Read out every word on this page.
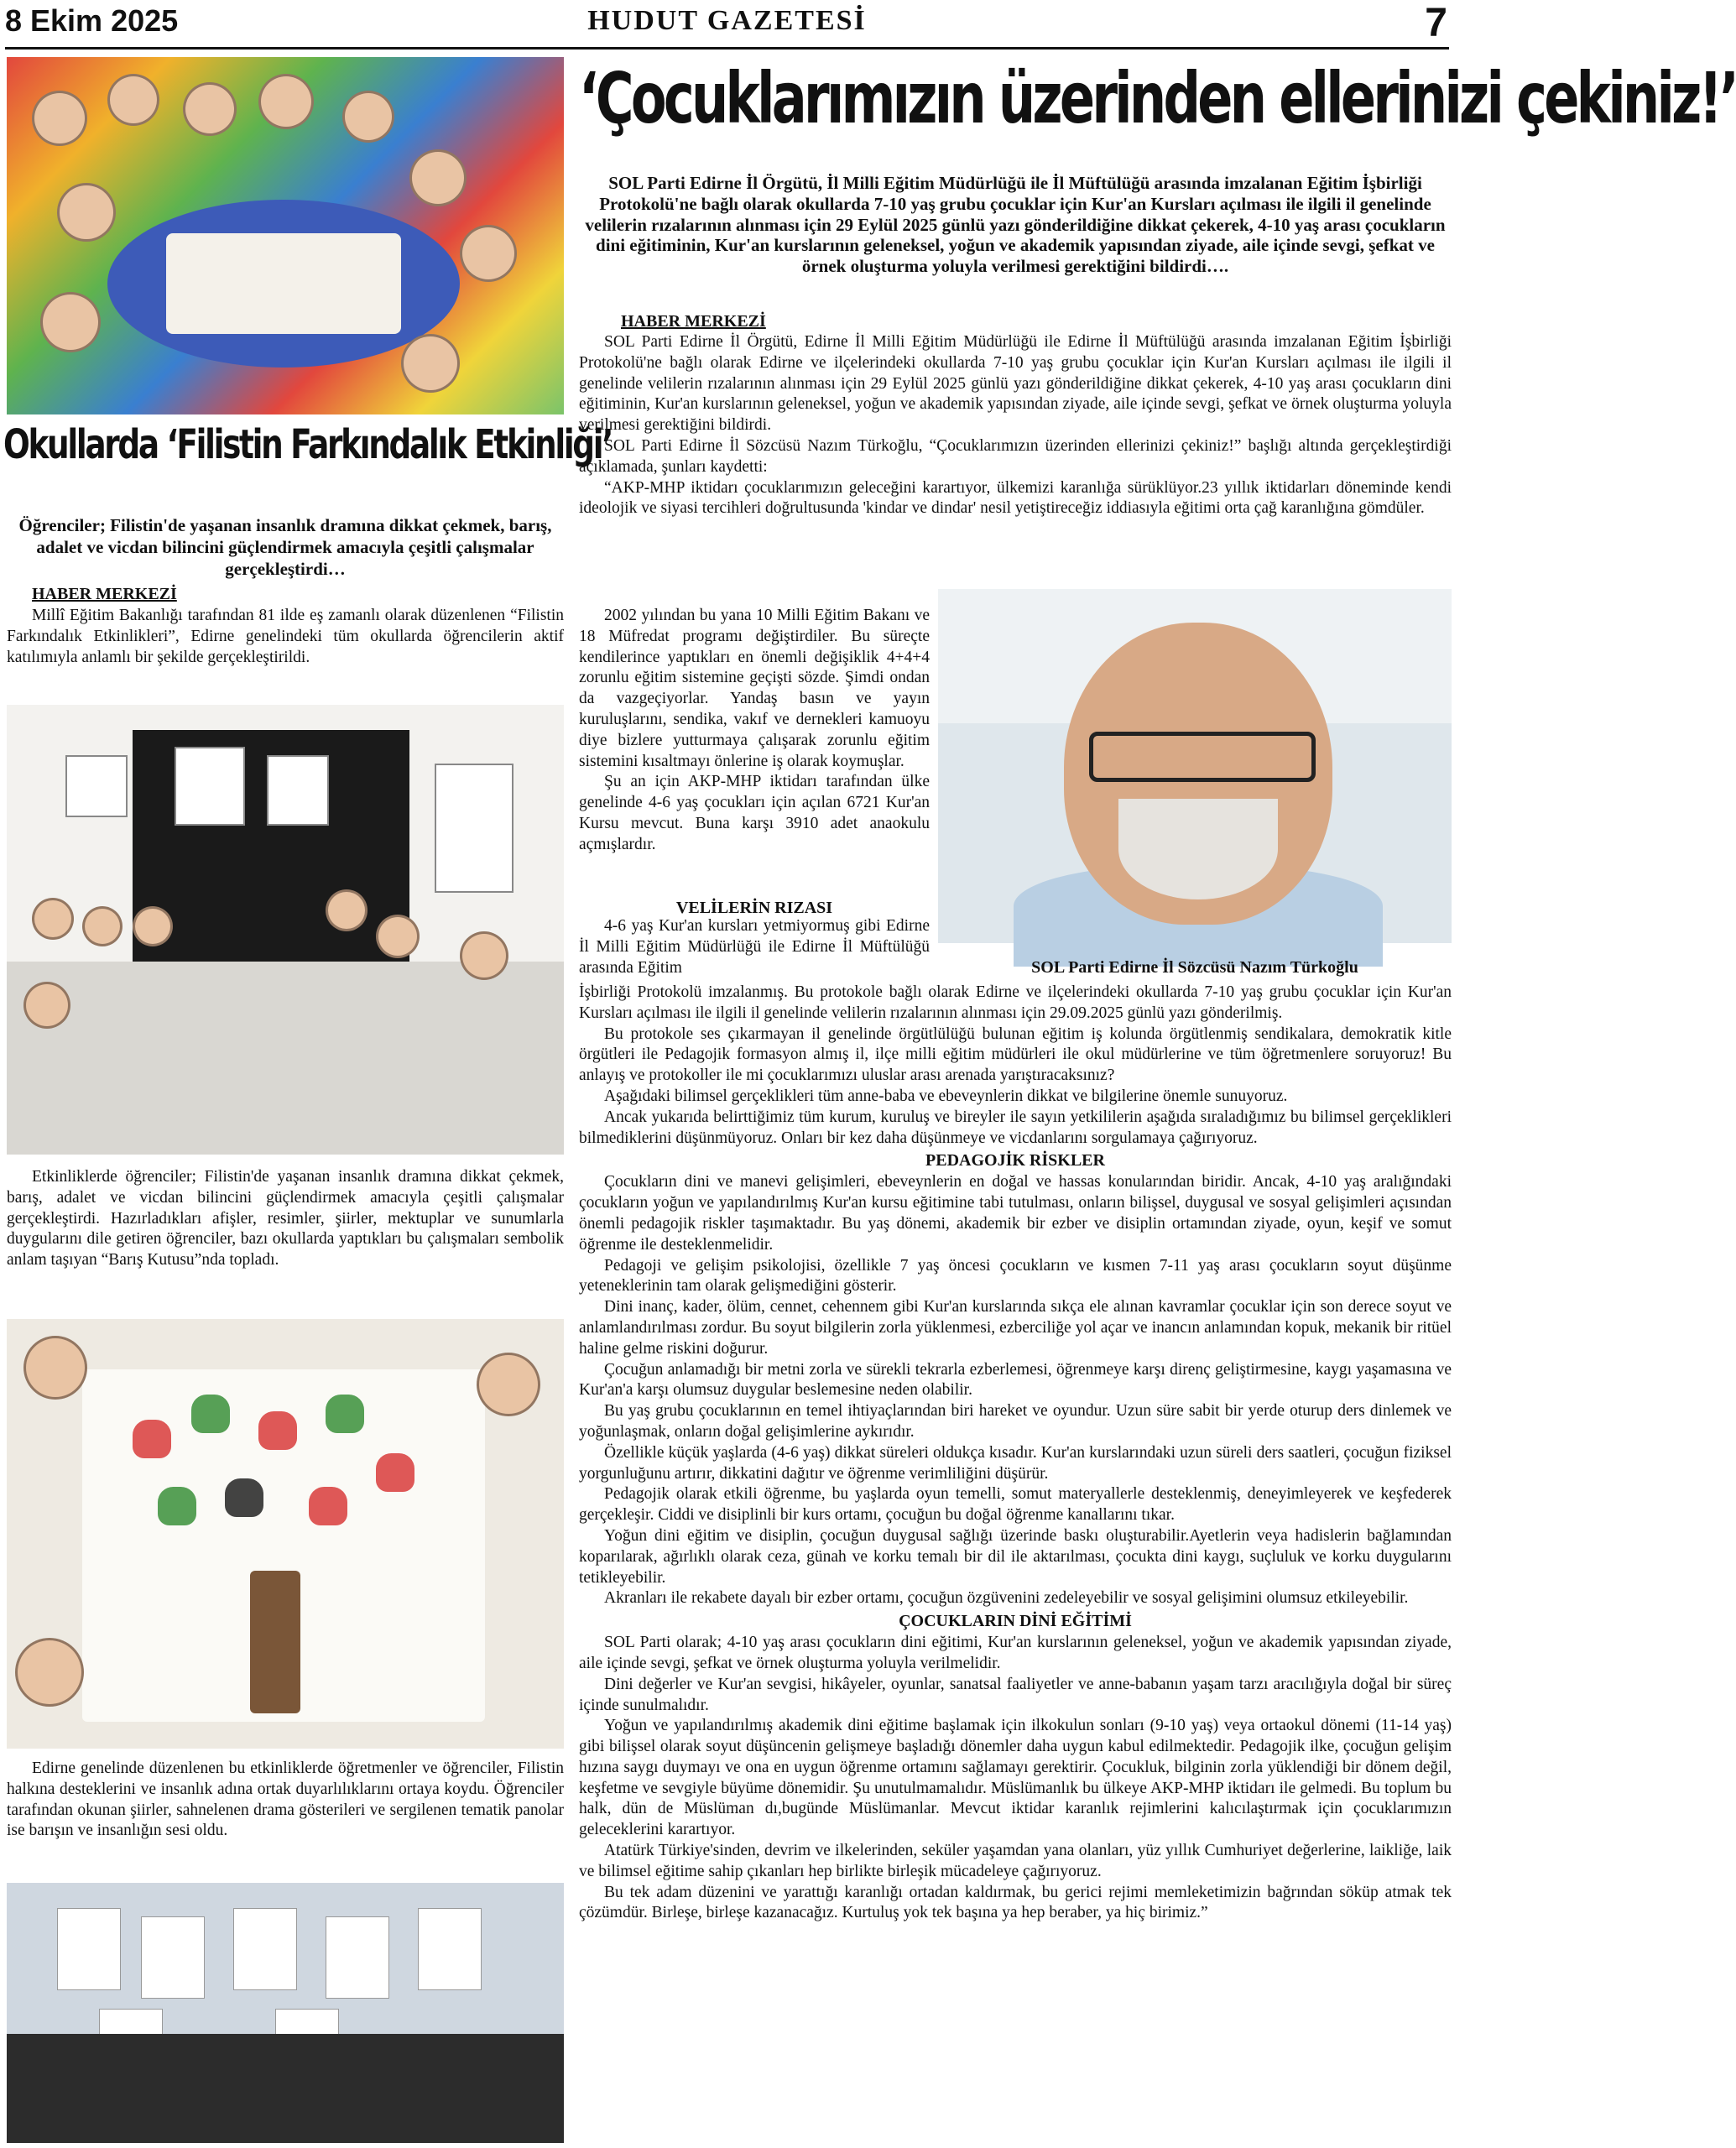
8 Ekim 2025	HUDUT GAZETESİ	7
Okullarda ‘Filistin Farkındalık Etkinliği’
Öğrenciler; Filistin'de yaşanan insanlık dramına dikkat çekmek, barış, adalet ve vicdan bilincini güçlendirmek amacıyla çeşitli çalışmalar gerçekleştirdi…
HABER MERKEZİ

Millî Eğitim Bakanlığı tarafından 81 ilde eş zamanlı olarak düzenlenen “Filistin Farkındalık Etkinlikleri”, Edirne genelindeki tüm okullarda öğrencilerin aktif katılımıyla anlamlı bir şekilde gerçekleştirildi.

Etkinliklerde öğrenciler; Filistin'de yaşanan insanlık dramına dikkat çekmek, barış, adalet ve vicdan bilincini güçlendirmek amacıyla çeşitli çalışmalar gerçekleştirdi. Hazırladıkları afişler, resimler, şiirler, mektuplar ve sunumlarla duygularını dile getiren öğrenciler, bazı okullarda yaptıkları bu çalışmaları sembolik anlam taşıyan “Barış Kutusu”nda topladı.

Edirne genelinde düzenlenen bu etkinliklerde öğretmenler ve öğrenciler, Filistin halkına desteklerini ve insanlık adına ortak duyarlılıklarını ortaya koydu. Öğrenciler tarafından okunan şiirler, sahnelenen drama gösterileri ve sergilenen tematik panolar ise barışın ve insanlığın sesi oldu.

‘Çocuklarımızın üzerinden ellerinizi çekiniz!’
SOL Parti Edirne İl Örgütü, İl Milli Eğitim Müdürlüğü ile İl Müftülüğü arasında imzalanan Eğitim İşbirliği Protokolü'ne bağlı olarak okullarda 7-10 yaş grubu çocuklar için Kur'an Kursları açılması ile ilgili il genelinde velilerin rızalarının alınması için 29 Eylül 2025 günlü yazı gönderildiğine dikkat çekerek, 4-10 yaş arası çocukların dini eğitiminin, Kur'an kurslarının geleneksel, yoğun ve akademik yapısından ziyade, aile içinde sevgi, şefkat ve örnek oluşturma yoluyla verilmesi gerektiğini bildirdi….
HABER MERKEZİ

SOL Parti Edirne İl Örgütü, Edirne İl Milli Eğitim Müdürlüğü ile Edirne İl Müftülüğü arasında imzalanan Eğitim İşbirliği Protokolü'ne bağlı olarak Edirne ve ilçelerindeki okullarda 7-10 yaş grubu çocuklar için Kur'an Kursları açılması ile ilgili il genelinde velilerin rızalarının alınması için 29 Eylül 2025 günlü yazı gönderildiğine dikkat çekerek, 4-10 yaş arası çocukların dini eğitiminin, Kur'an kurslarının geleneksel, yoğun ve akademik yapısından ziyade, aile içinde sevgi, şefkat ve örnek oluşturma yoluyla verilmesi gerektiğini bildirdi.

SOL Parti Edirne İl Sözcüsü Nazım Türkoğlu, “Çocuklarımızın üzerinden ellerinizi çekiniz!” başlığı altında gerçekleştirdiği açıklamada, şunları kaydetti:

“AKP-MHP iktidarı çocuklarımızın geleceğini karartıyor, ülkemizi karanlığa sürüklüyor.23 yıllık iktidarları döneminde kendi ideolojik ve siyasi tercihleri doğrultusunda 'kindar ve dindar' nesil yetiştireceğiz iddiasıyla eğitimi orta çağ karanlığına gömdüler.

2002 yılından bu yana 10 Milli Eğitim Bakanı ve 18 Müfredat programı değiştirdiler. Bu süreçte kendilerince yaptıkları en önemli değişiklik 4+4+4 zorunlu eğitim sistemine geçişti sözde. Şimdi ondan da vazgeçiyorlar. Yandaş basın ve yayın kuruluşlarını, sendika, vakıf ve dernekleri kamuoyu diye bizlere yutturmaya çalışarak zorunlu eğitim sistemini kısaltmayı önlerine iş olarak koymuşlar.

Şu an için AKP-MHP iktidarı tarafından ülke genelinde 4-6 yaş çocukları için açılan 6721 Kur'an Kursu mevcut. Buna karşı 3910 adet anaokulu açmışlardır.

VELİLERİN RIZASI

4-6 yaş Kur'an kursları yetmiyormuş gibi Edirne İl Milli Eğitim Müdürlüğü ile Edirne İl Müftülüğü arasında Eğitim	SOL Parti Edirne İl Sözcüsü Nazım Türkoğlu

İşbirliği Protokolü imzalanmış. Bu protokole bağlı olarak Edirne ve ilçelerindeki okullarda 7-10 yaş grubu çocuklar için Kur'an Kursları açılması ile ilgili il genelinde velilerin rızalarının alınması için 29.09.2025 günlü yazı gönderilmiş.

Bu protokole ses çıkarmayan il genelinde örgütlülüğü bulunan eğitim iş kolunda örgütlenmiş sendikalara, demokratik kitle örgütleri ile Pedagojik formasyon almış il, ilçe milli eğitim müdürleri ile okul müdürlerine ve tüm öğretmenlere soruyoruz! Bu anlayış ve protokoller ile mi çocuklarımızı uluslar arası arenada yarıştıracaksınız?

Aşağıdaki bilimsel gerçeklikleri tüm anne-baba ve ebeveynlerin dikkat ve bilgilerine önemle sunuyoruz.

Ancak yukarıda belirttiğimiz tüm kurum, kuruluş ve bireyler ile sayın yetkililerin aşağıda sıraladığımız bu bilimsel gerçeklikleri bilmediklerini düşünmüyoruz. Onları bir kez daha düşünmeye ve vicdanlarını sorgulamaya çağırıyoruz.

PEDAGOJİK RİSKLER

Çocukların dini ve manevi gelişimleri, ebeveynlerin en doğal ve hassas konularından biridir. Ancak, 4-10 yaş aralığındaki çocukların yoğun ve yapılandırılmış Kur'an kursu eğitimine tabi tutulması, onların bilişsel, duygusal ve sosyal gelişimleri açısından önemli pedagojik riskler taşımaktadır. Bu yaş dönemi, akademik bir ezber ve disiplin ortamından ziyade, oyun, keşif ve somut öğrenme ile desteklenmelidir.

Pedagoji ve gelişim psikolojisi, özellikle 7 yaş öncesi çocukların ve kısmen 7-11 yaş arası çocukların soyut düşünme yeteneklerinin tam olarak gelişmediğini gösterir.

Dini inanç, kader, ölüm, cennet, cehennem gibi Kur'an kurslarında sıkça ele alınan kavramlar çocuklar için son derece soyut ve anlamlandırılması zordur. Bu soyut bilgilerin zorla yüklenmesi, ezberciliğe yol açar ve inancın anlamından kopuk, mekanik bir ritüel haline gelme riskini doğurur.

Çocuğun anlamadığı bir metni zorla ve sürekli tekrarla ezberlemesi, öğrenmeye karşı direnç geliştirmesine, kaygı yaşamasına ve Kur'an'a karşı olumsuz duygular beslemesine neden olabilir.

Bu yaş grubu çocuklarının en temel ihtiyaçlarından biri hareket ve oyundur. Uzun süre sabit bir yerde oturup ders dinlemek ve yoğunlaşmak, onların doğal gelişimlerine aykırıdır.

Özellikle küçük yaşlarda (4-6 yaş) dikkat süreleri oldukça kısadır. Kur'an kurslarındaki uzun süreli ders saatleri, çocuğun fiziksel yorgunluğunu artırır, dikkatini dağıtır ve öğrenme verimliliğini düşürür.

Pedagojik olarak etkili öğrenme, bu yaşlarda oyun temelli, somut materyallerle desteklenmiş, deneyimleyerek ve keşfederek gerçekleşir. Ciddi ve disiplinli bir kurs ortamı, çocuğun bu doğal öğrenme kanallarını tıkar.

Yoğun dini eğitim ve disiplin, çocuğun duygusal sağlığı üzerinde baskı oluşturabilir.Ayetlerin veya hadislerin bağlamından koparılarak, ağırlıklı olarak ceza, günah ve korku temalı bir dil ile aktarılması, çocukta dini kaygı, suçluluk ve korku duygularını tetikleyebilir.

Akranları ile rekabete dayalı bir ezber ortamı, çocuğun özgüvenini zedeleyebilir ve sosyal gelişimini olumsuz etkileyebilir.

ÇOCUKLARIN DİNİ EĞİTİMİ

SOL Parti olarak; 4-10 yaş arası çocukların dini eğitimi, Kur'an kurslarının geleneksel, yoğun ve akademik yapısından ziyade, aile içinde sevgi, şefkat ve örnek oluşturma yoluyla verilmelidir.

Dini değerler ve Kur'an sevgisi, hikâyeler, oyunlar, sanatsal faaliyetler ve anne-babanın yaşam tarzı aracılığıyla doğal bir süreç içinde sunulmalıdır.

Yoğun ve yapılandırılmış akademik dini eğitime başlamak için ilkokulun sonları (9-10 yaş) veya ortaokul dönemi (11-14 yaş) gibi bilişsel olarak soyut düşüncenin gelişmeye başladığı dönemler daha uygun kabul edilmektedir. Pedagojik ilke, çocuğun gelişim hızına saygı duymayı ve ona en uygun öğrenme ortamını sağlamayı gerektirir. Çocukluk, bilginin zorla yüklendiği bir dönem değil, keşfetme ve sevgiyle büyüme dönemidir. Şu unutulmamalıdır. Müslümanlık bu ülkeye AKP-MHP iktidarı ile gelmedi. Bu toplum bu halk, dün de Müslüman dı,bugünde Müslümanlar. Mevcut iktidar karanlık rejimlerini kalıcılaştırmak için çocuklarımızın geleceklerini karartıyor.

Atatürk Türkiye'sinden, devrim ve ilkelerinden, seküler yaşamdan yana olanları, yüz yıllık Cumhuriyet değerlerine, laikliğe, laik ve bilimsel eğitime sahip çıkanları hep birlikte birleşik mücadeleye çağırıyoruz.

Bu tek adam düzenini ve yarattığı karanlığı ortadan kaldırmak, bu gerici rejimi memleketimizin bağrından söküp atmak tek çözümdür. Birleşe, birleşe kazanacağız. Kurtuluş yok tek başına ya hep beraber, ya hiç birimiz.”
